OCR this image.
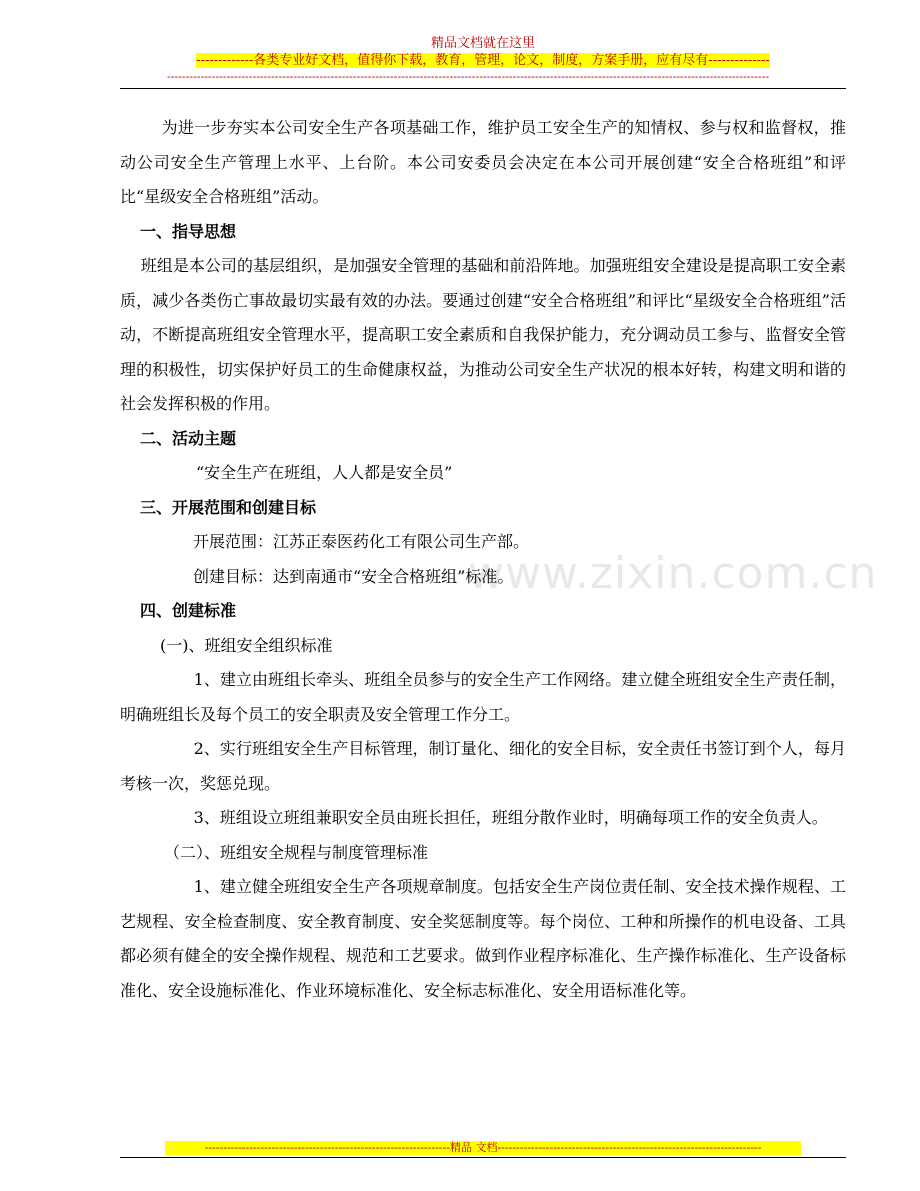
精品文档就在这里
-------------各类专业好文档，值得你下载，教育，管理，论文，制度，方案手册，应有尽有--------------
------------------------------------------------------------------------------------------------------------------------------------------------------------------
www.zixin.com.cn

为进一步夯实本公司安全生产各项基础工作，维护员工安全生产的知情权、参与权和监督权，推动公司安全生产管理上水平、上台阶。本公司安委员会决定在本公司开展创建“安全合格班组”和评比“星级安全合格班组”活动。

一、指导思想

班组是本公司的基层组织，是加强安全管理的基础和前沿阵地。加强班组安全建设是提高职工安全素质，减少各类伤亡事故最切实最有效的办法。要通过创建“安全合格班组”和评比“星级安全合格班组”活动，不断提高班组安全管理水平，提高职工安全素质和自我保护能力，充分调动员工参与、监督安全管理的积极性，切实保护好员工的生命健康权益，为推动公司安全生产状况的根本好转，构建文明和谐的社会发挥积极的作用。

二、活动主题

“安全生产在班组，人人都是安全员”

三、开展范围和创建目标

开展范围：江苏正泰医药化工有限公司生产部。

创建目标：达到南通市“安全合格班组”标准。

四、创建标准

(一)、班组安全组织标准

1、建立由班组长牵头、班组全员参与的安全生产工作网络。建立健全班组安全生产责任制，明确班组长及每个员工的安全职责及安全管理工作分工。

2、实行班组安全生产目标管理，制订量化、细化的安全目标，安全责任书签订到个人，每月考核一次，奖惩兑现。

3、班组设立班组兼职安全员由班长担任，班组分散作业时，明确每项工作的安全负责人。

（二）、班组安全规程与制度管理标准

1、建立健全班组安全生产各项规章制度。包括安全生产岗位责任制、安全技术操作规程、工艺规程、安全检查制度、安全教育制度、安全奖惩制度等。每个岗位、工种和所操作的机电设备、工具都必须有健全的安全操作规程、规范和工艺要求。做到作业程序标准化、生产操作标准化、生产设备标准化、安全设施标准化、作业环境标准化、安全标志标准化、安全用语标准化等。

------------------------------------------------------------------精品 文档-----------------------------------------------------------------------
